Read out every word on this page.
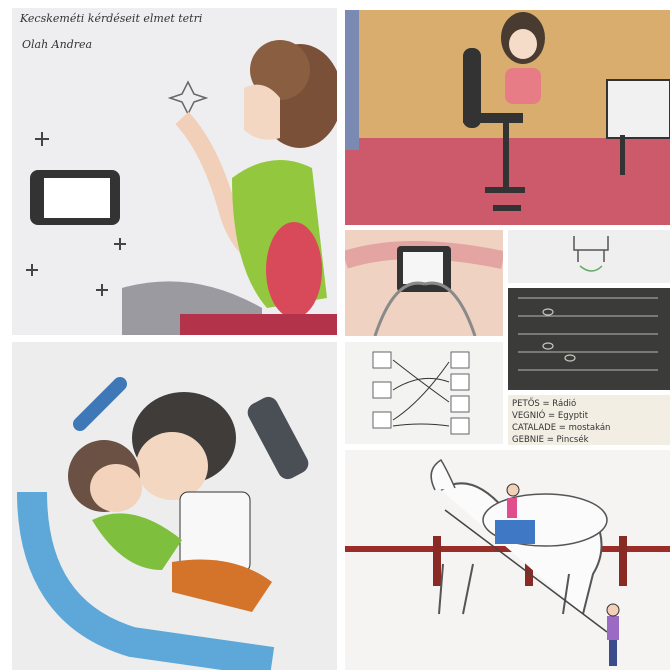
Kecskeméti kérdéseit elmet tetri
Olah Andrea
PETŐS = Rádió
VEGNIÓ = Egyptit
CATALADE = mostakán
GEBNIE = Pincsék
